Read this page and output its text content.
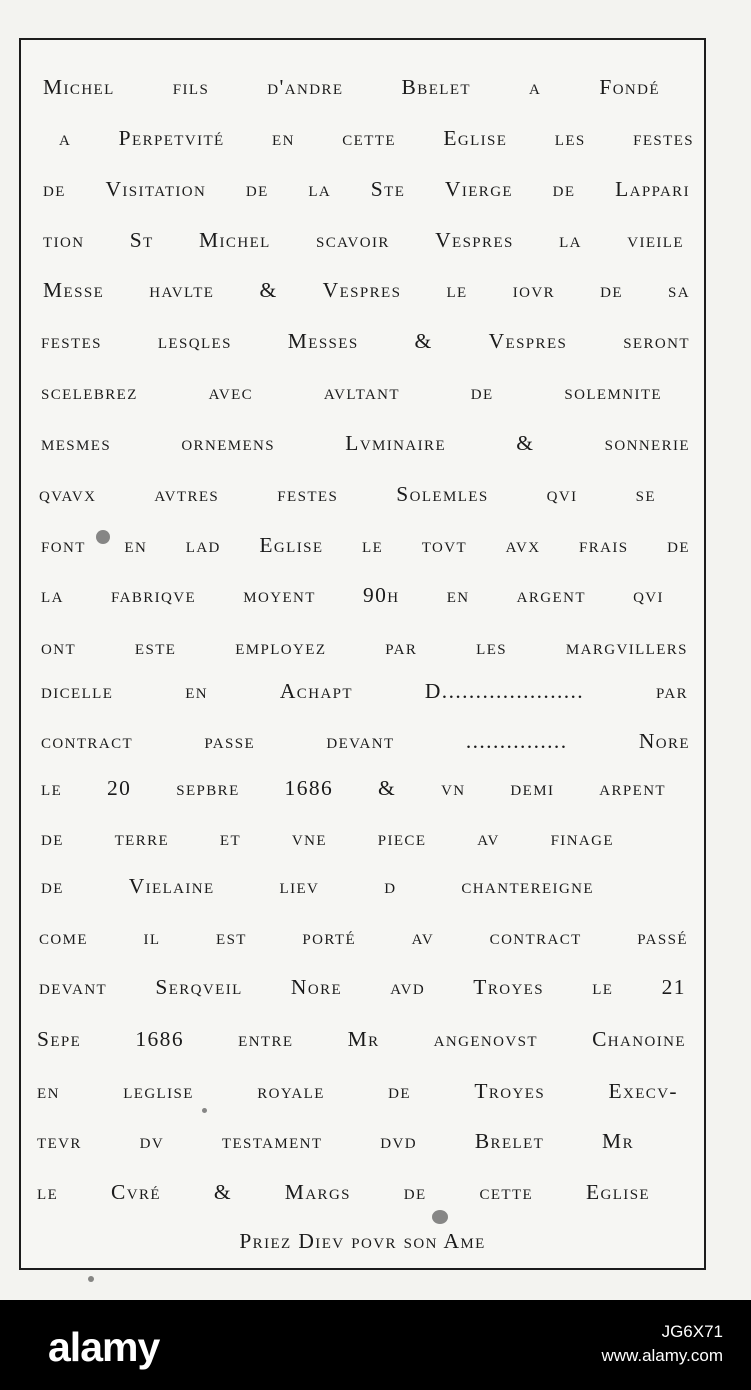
Michel	fils	d'andre	Bbelet	a	Fondé
a Perpetvité en cette Eglise les festes
de Visitation de la Ste Vierge de Lappari
tion St Michel scavoir Vespres la vieile
Messe havlte & Vespres le iovr de sa
festes	lesqles	Messes	&	Vespres	seront
scelebrez	avec	avltant	de	solemnite
mesmes	ornemens	Lvminaire	&	sonnerie
qvavx	avtres	festes	Solemles	qvi	se
font en lad Eglise le tovt avx frais de
la fabriqve moyent 90h en argent qvi
ont	este	employez	par	les	margvillers
dicelle	en	Achapt	D.....................	par
contract	passe	devant	...............	Nore
le 20 sepbre 1686 & vn demi arpent
de terre et vne piece av finage
de	Vielaine	liev	d	chantereigne
come	il	est	porté	av	contract	passé
devant Serqveil Nore avd Troyes le 21
Sepe	1686	entre	Mr	angenovst	Chanoine
en	leglise	royale	de	Troyes	Execv-
tevr	dv	testament	dvd	Brelet	Mr
le Cvré & Margs de cette Eglise
Priez Diev povr son Ame
alamy	JG6X71
www.alamy.com
